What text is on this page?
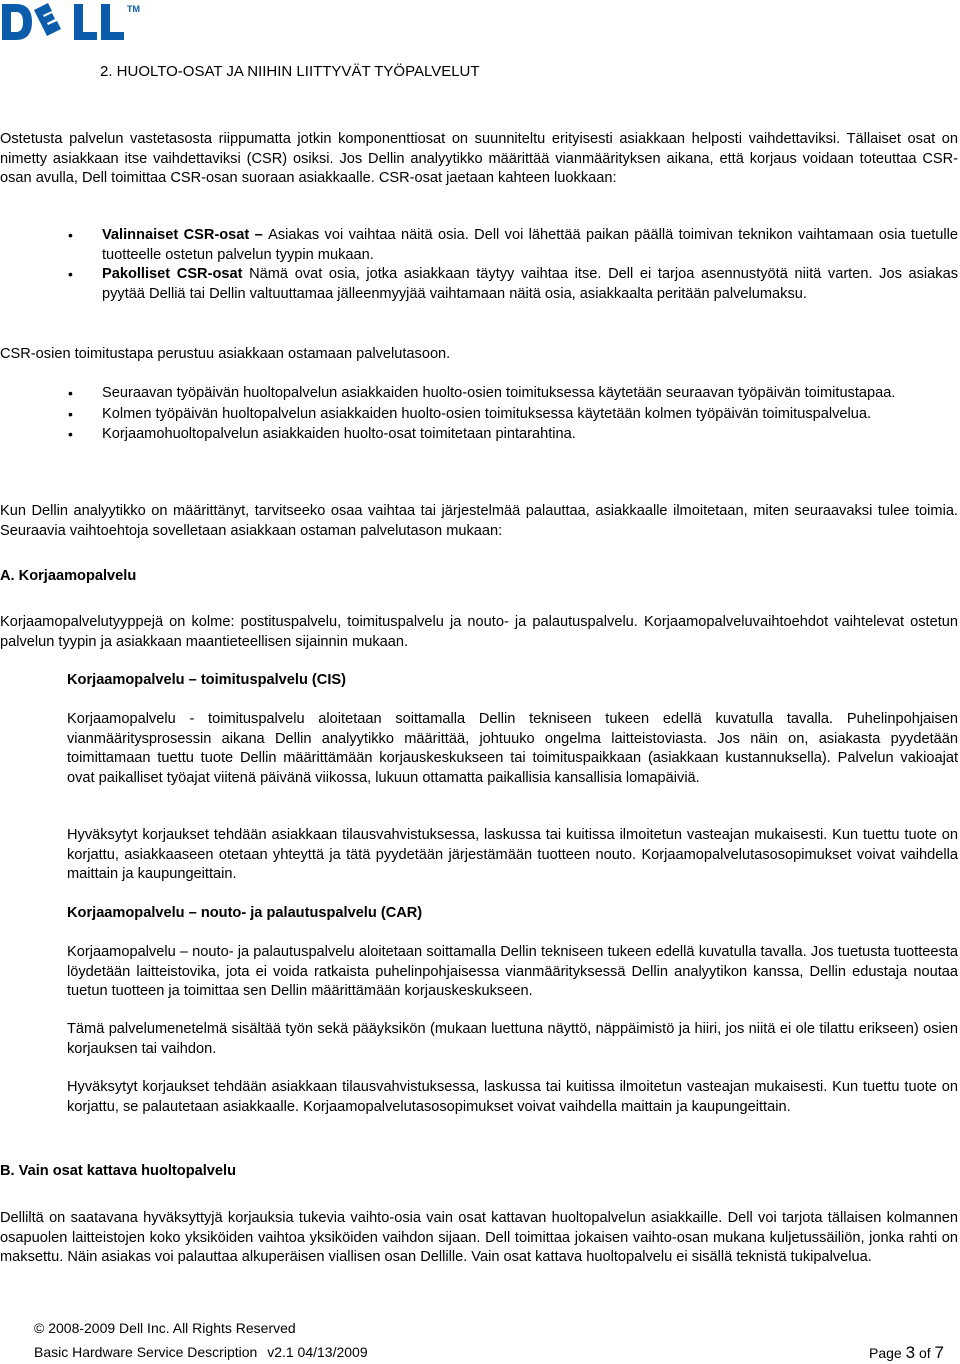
TM
2. HUOLTO-OSAT JA NIIHIN LIITTYVÄT TYÖPALVELUT

Ostetusta palvelun vastetasosta riippumatta jotkin komponenttiosat on suunniteltu erityisesti asiakkaan helposti vaihdettaviksi. Tällaiset osat on nimetty asiakkaan itse vaihdettaviksi (CSR) osiksi. Jos Dellin analyytikko määrittää vianmäärityksen aikana, että korjaus voidaan toteuttaa CSR-osan avulla, Dell toimittaa CSR-osan suoraan asiakkaalle. CSR-osat jaetaan kahteen luokkaan:

• Valinnaiset CSR-osat – Asiakas voi vaihtaa näitä osia. Dell voi lähettää paikan päällä toimivan teknikon vaihtamaan osia tuetulle tuotteelle ostetun palvelun tyypin mukaan.
• Pakolliset CSR-osat Nämä ovat osia, jotka asiakkaan täytyy vaihtaa itse. Dell ei tarjoa asennustyötä niitä varten. Jos asiakas pyytää Delliä tai Dellin valtuuttamaa jälleenmyyjää vaihtamaan näitä osia, asiakkaalta peritään palvelumaksu.

CSR-osien toimitustapa perustuu asiakkaan ostamaan palvelutasoon.

• Seuraavan työpäivän huoltopalvelun asiakkaiden huolto-osien toimituksessa käytetään seuraavan työpäivän toimitustapaa.
• Kolmen työpäivän huoltopalvelun asiakkaiden huolto-osien toimituksessa käytetään kolmen työpäivän toimituspalvelua.
• Korjaamohuoltopalvelun asiakkaiden huolto-osat toimitetaan pintarahtina.

Kun Dellin analyytikko on määrittänyt, tarvitseeko osaa vaihtaa tai järjestelmää palauttaa, asiakkaalle ilmoitetaan, miten seuraavaksi tulee toimia. Seuraavia vaihtoehtoja sovelletaan asiakkaan ostaman palvelutason mukaan:

A. Korjaamopalvelu

Korjaamopalvelutyyppejä on kolme: postituspalvelu, toimituspalvelu ja nouto- ja palautuspalvelu. Korjaamopalveluvaihtoehdot vaihtelevat ostetun palvelun tyypin ja asiakkaan maantieteellisen sijainnin mukaan.

Korjaamopalvelu – toimituspalvelu (CIS)

Korjaamopalvelu - toimituspalvelu aloitetaan soittamalla Dellin tekniseen tukeen edellä kuvatulla tavalla. Puhelinpohjaisen vianmääritysprosessin aikana Dellin analyytikko määrittää, johtuuko ongelma laitteistoviasta. Jos näin on, asiakasta pyydetään toimittamaan tuettu tuote Dellin määrittämään korjauskeskukseen tai toimituspaikkaan (asiakkaan kustannuksella). Palvelun vakioajat ovat paikalliset työajat viitenä päivänä viikossa, lukuun ottamatta paikallisia kansallisia lomapäiviä.

Hyväksytyt korjaukset tehdään asiakkaan tilausvahvistuksessa, laskussa tai kuitissa ilmoitetun vasteajan mukaisesti. Kun tuettu tuote on korjattu, asiakkaaseen otetaan yhteyttä ja tätä pyydetään järjestämään tuotteen nouto. Korjaamopalvelutasosopimukset voivat vaihdella maittain ja kaupungeittain.

Korjaamopalvelu – nouto- ja palautuspalvelu (CAR)

Korjaamopalvelu – nouto- ja palautuspalvelu aloitetaan soittamalla Dellin tekniseen tukeen edellä kuvatulla tavalla. Jos tuetusta tuotteesta löydetään laitteistovika, jota ei voida ratkaista puhelinpohjaisessa vianmäärityksessä Dellin analyytikon kanssa, Dellin edustaja noutaa tuetun tuotteen ja toimittaa sen Dellin määrittämään korjauskeskukseen.

Tämä palvelumenetelmä sisältää työn sekä pääyksikön (mukaan luettuna näyttö, näppäimistö ja hiiri, jos niitä ei ole tilattu erikseen) osien korjauksen tai vaihdon.

Hyväksytyt korjaukset tehdään asiakkaan tilausvahvistuksessa, laskussa tai kuitissa ilmoitetun vasteajan mukaisesti. Kun tuettu tuote on korjattu, se palautetaan asiakkaalle. Korjaamopalvelutasosopimukset voivat vaihdella maittain ja kaupungeittain.

B. Vain osat kattava huoltopalvelu

Delliltä on saatavana hyväksyttyjä korjauksia tukevia vaihto-osia vain osat kattavan huoltopalvelun asiakkaille. Dell voi tarjota tällaisen kolmannen osapuolen laitteistojen koko yksiköiden vaihtoa yksiköiden vaihdon sijaan. Dell toimittaa jokaisen vaihto-osan mukana kuljetussäiliön, jonka rahti on maksettu. Näin asiakas voi palauttaa alkuperäisen viallisen osan Dellille. Vain osat kattava huoltopalvelu ei sisällä teknistä tukipalvelua.

© 2008-2009 Dell Inc. All Rights Reserved
Basic Hardware Service Description v2.1 04/13/2009	Page 3 of 7
